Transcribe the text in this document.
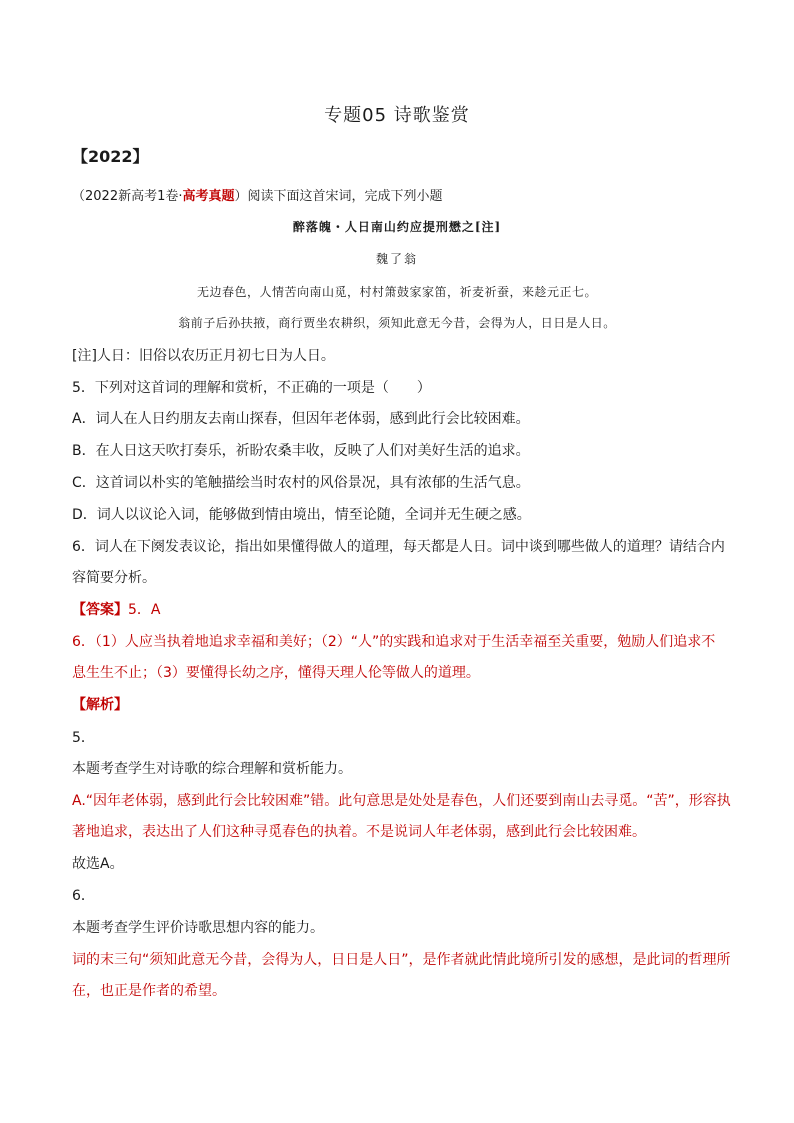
专题05 诗歌鉴赏
【2022】
（2022新高考1卷·高考真题）阅读下面这首宋词，完成下列小题
醉落魄・人日南山约应提刑懋之[注]
魏了翁
无边春色，人情苦向南山觅，村村箫鼓家家笛，祈麦祈蚕，来趁元正七。
翁前子后孙扶掖，商行贾坐农耕织，须知此意无今昔，会得为人，日日是人日。
[注]人日：旧俗以农历正月初七日为人日。
5．下列对这首词的理解和赏析，不正确的一项是（　　）
A．词人在人日约朋友去南山探春，但因年老体弱，感到此行会比较困难。
B．在人日这天吹打奏乐，祈盼农桑丰收，反映了人们对美好生活的追求。
C．这首词以朴实的笔触描绘当时农村的风俗景况，具有浓郁的生活气息。
D．词人以议论入词，能够做到情由境出，情至论随，全词并无生硬之感。
6．词人在下阕发表议论，指出如果懂得做人的道理，每天都是人日。词中谈到哪些做人的道理？请结合内
容简要分析。
【答案】5．A
6．（1）人应当执着地追求幸福和美好；（2）“人”的实践和追求对于生活幸福至关重要，勉励人们追求不
息生生不止；（3）要懂得长幼之序，懂得天理人伦等做人的道理。
【解析】
5．
本题考查学生对诗歌的综合理解和赏析能力。
A.“因年老体弱，感到此行会比较困难”错。此句意思是处处是春色，人们还要到南山去寻觅。“苦”，形容执
著地追求，表达出了人们这种寻觅春色的执着。不是说词人年老体弱，感到此行会比较困难。
故选A。
6．
本题考查学生评价诗歌思想内容的能力。
词的末三句“须知此意无今昔，会得为人，日日是人日”，是作者就此情此境所引发的感想，是此词的哲理所
在，也正是作者的希望。
